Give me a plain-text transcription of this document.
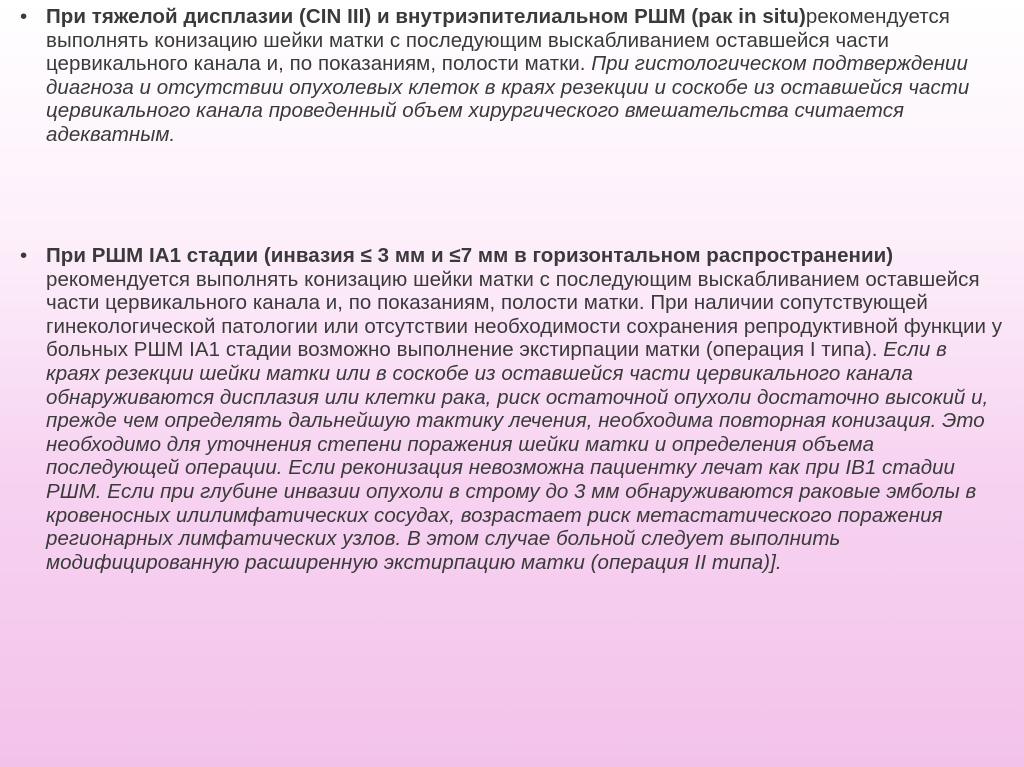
• При тяжелой дисплазии (CIN III) и внутриэпителиальном РШМ (рак in situ)рекомендуется выполнять конизацию шейки матки с последующим выскабливанием оставшейся части цервикального канала и, по показаниям, полости матки. При гистологическом подтверждении диагноза и отсутствии опухолевых клеток в краях резекции и соскобе из оставшейся части цервикального канала проведенный объем хирургического вмешательства считается адекватным.
• При РШМ IA1 стадии (инвазия ≤ 3 мм и ≤7 мм в горизонтальном распространении) рекомендуется выполнять конизацию шейки матки с последующим выскабливанием оставшейся части цервикального канала и, по показаниям, полости матки. При наличии сопутствующей гинекологической патологии или отсутствии необходимости сохранения репродуктивной функции у больных РШМ IA1 стадии возможно выполнение экстирпации матки (операция I типа). Если в краях резекции шейки матки или в соскобе из оставшейся части цервикального канала обнаруживаются дисплазия или клетки рака, риск остаточной опухоли достаточно высокий и, прежде чем определять дальнейшую тактику лечения, необходима повторная конизация. Это необходимо для уточнения степени поражения шейки матки и определения объема последующей операции. Если реконизация невозможна пациентку лечат как при IB1 стадии РШМ. Если при глубине инвазии опухоли в строму до 3 мм обнаруживаются раковые эмболы в кровеносных илилимфатических сосудах, возрастает риск метастатического поражения регионарных лимфатических узлов. В этом случае больной следует выполнить модифицированную расширенную экстирпацию матки (операция II типа)].
